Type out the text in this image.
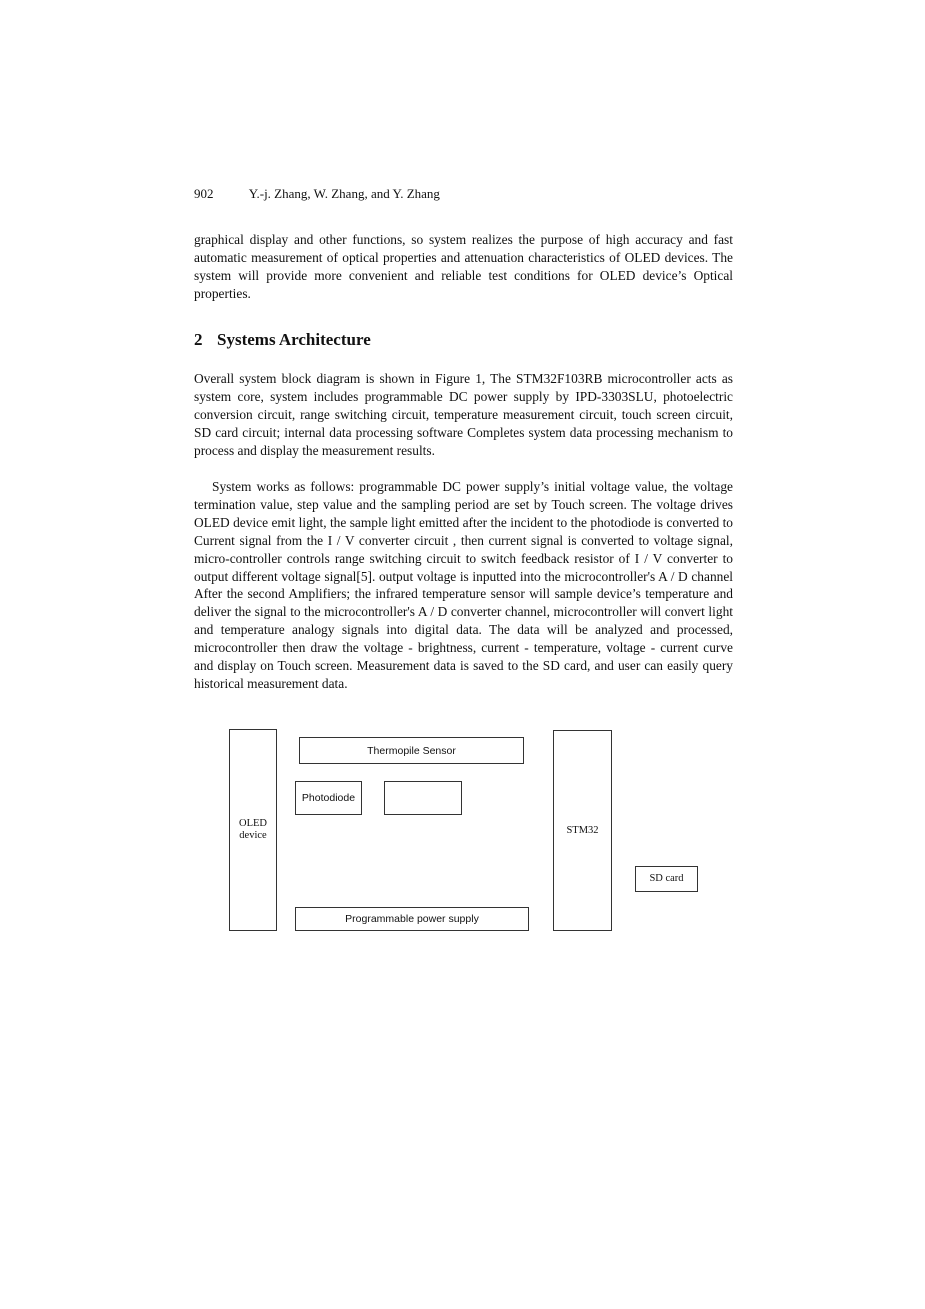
902	Y.-j. Zhang, W. Zhang, and Y. Zhang

graphical display and other functions, so system realizes the purpose of high accuracy and fast automatic measurement of optical properties and attenuation characteristics of OLED devices. The system will provide more convenient and reliable test conditions for OLED device’s Optical properties.

2 Systems Architecture

Overall system block diagram is shown in Figure 1, The STM32F103RB microcontroller acts as system core, system includes programmable DC power supply by IPD-3303SLU, photoelectric conversion circuit, range switching circuit, temperature measurement circuit, touch screen circuit, SD card circuit; internal data processing software Completes system data processing mechanism to process and display the measurement results.

System works as follows: programmable DC power supply’s initial voltage value, the voltage termination value, step value and the sampling period are set by Touch screen. The voltage drives OLED device emit light, the sample light emitted after the incident to the photodiode is converted to Current signal from the I / V converter circuit , then current signal is converted to voltage signal, micro-controller controls range switching circuit to switch feedback resistor of I / V converter to output different voltage signal[5]. output voltage is inputted into the microcontroller's A / D channel After the second Amplifiers; the infrared temperature sensor will sample device’s temperature and deliver the signal to the microcontroller's A / D converter channel, microcontroller will convert light and temperature analogy signals into digital data. The data will be analyzed and processed, microcontroller then draw the voltage - brightness, current - temperature, voltage - current curve and display on Touch screen. Measurement data is saved to the SD card, and user can easily query historical measurement data.

OLED
device
Thermopile Sensor
Photodiode
Programmable power supply
STM32
SD card
